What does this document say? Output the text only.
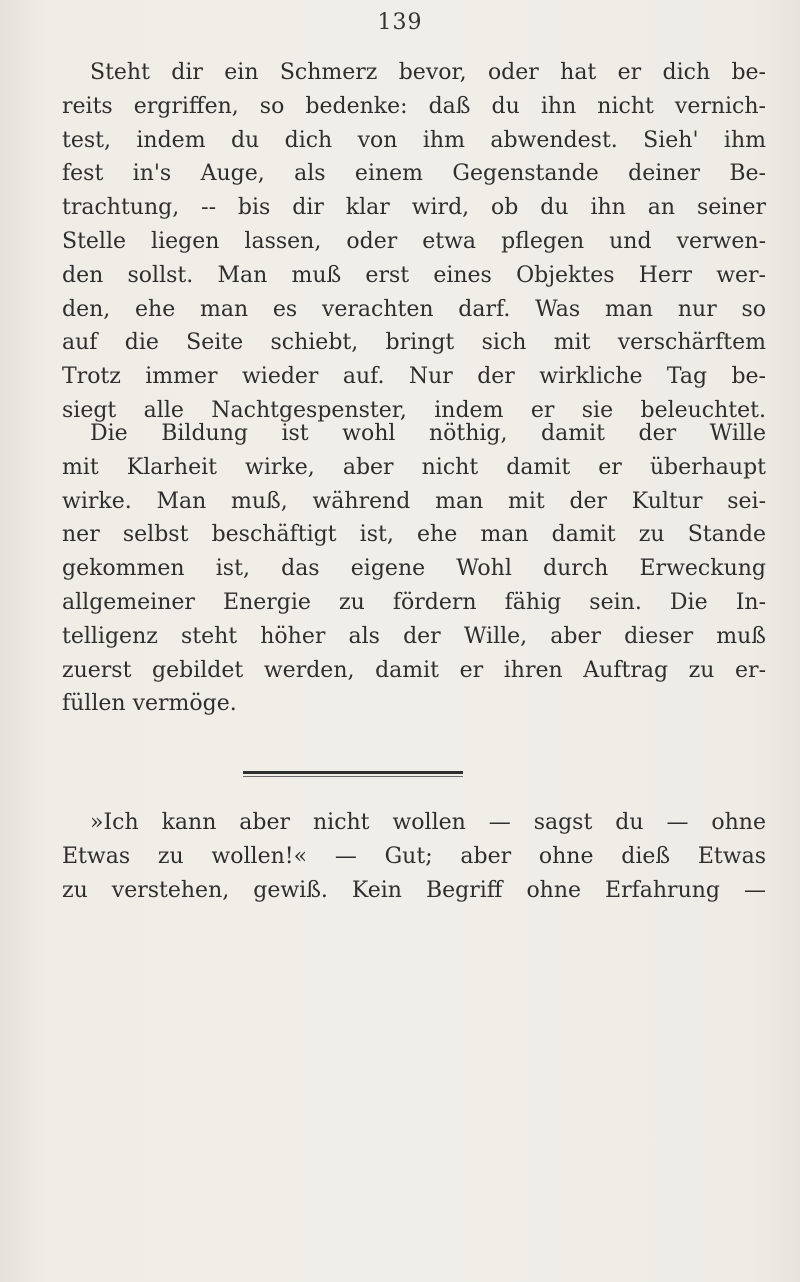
139
Steht dir ein Schmerz bevor, oder hat er dich be-
reits ergriffen, so bedenke: daß du ihn nicht vernich-
test, indem du dich von ihm abwendest. Sieh' ihm
fest in's Auge, als einem Gegenstande deiner Be-
trachtung, -- bis dir klar wird, ob du ihn an seiner
Stelle liegen lassen, oder etwa pflegen und verwen-
den sollst. Man muß erst eines Objektes Herr wer-
den, ehe man es verachten darf. Was man nur so
auf die Seite schiebt, bringt sich mit verschärftem
Trotz immer wieder auf. Nur der wirkliche Tag be-
siegt alle Nachtgespenster, indem er sie beleuchtet.
Die Bildung ist wohl nöthig, damit der Wille
mit Klarheit wirke, aber nicht damit er überhaupt
wirke. Man muß, während man mit der Kultur sei-
ner selbst beschäftigt ist, ehe man damit zu Stande
gekommen ist, das eigene Wohl durch Erweckung
allgemeiner Energie zu fördern fähig sein. Die In-
telligenz steht höher als der Wille, aber dieser muß
zuerst gebildet werden, damit er ihren Auftrag zu er-
füllen vermöge.
»Ich kann aber nicht wollen — sagst du — ohne
Etwas zu wollen!« — Gut; aber ohne dieß Etwas
zu verstehen, gewiß. Kein Begriff ohne Erfahrung —
